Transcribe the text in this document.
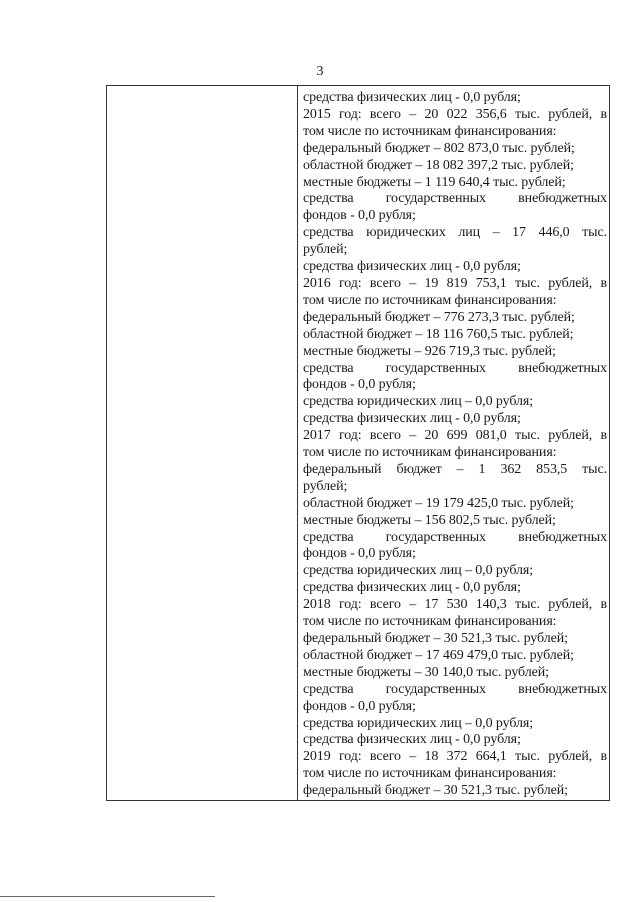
3
средства физических лиц - 0,0 рубля;
2015 год: всего – 20 022 356,6 тыс. рублей, в
том числе по источникам финансирования:
федеральный бюджет – 802 873,0 тыс. рублей;
областной бюджет – 18 082 397,2 тыс. рублей;
местные бюджеты – 1 119 640,4 тыс. рублей;
средства государственных внебюджетных
фондов - 0,0 рубля;
средства юридических лиц – 17 446,0 тыс.
рублей;
средства физических лиц - 0,0 рубля;
2016 год: всего – 19 819 753,1 тыс. рублей, в
том числе по источникам финансирования:
федеральный бюджет – 776 273,3 тыс. рублей;
областной бюджет – 18 116 760,5 тыс. рублей;
местные бюджеты – 926 719,3 тыс. рублей;
средства государственных внебюджетных
фондов - 0,0 рубля;
средства юридических лиц – 0,0 рубля;
средства физических лиц - 0,0 рубля;
2017 год: всего – 20 699 081,0 тыс. рублей, в
том числе по источникам финансирования:
федеральный бюджет – 1 362 853,5 тыс.
рублей;
областной бюджет – 19 179 425,0 тыс. рублей;
местные бюджеты – 156 802,5 тыс. рублей;
средства государственных внебюджетных
фондов - 0,0 рубля;
средства юридических лиц – 0,0 рубля;
средства физических лиц - 0,0 рубля;
2018 год: всего – 17 530 140,3 тыс. рублей, в
том числе по источникам финансирования:
федеральный бюджет – 30 521,3 тыс. рублей;
областной бюджет – 17 469 479,0 тыс. рублей;
местные бюджеты – 30 140,0 тыс. рублей;
средства государственных внебюджетных
фондов - 0,0 рубля;
средства юридических лиц – 0,0 рубля;
средства физических лиц - 0,0 рубля;
2019 год: всего – 18 372 664,1 тыс. рублей, в
том числе по источникам финансирования:
федеральный бюджет – 30 521,3 тыс. рублей;
